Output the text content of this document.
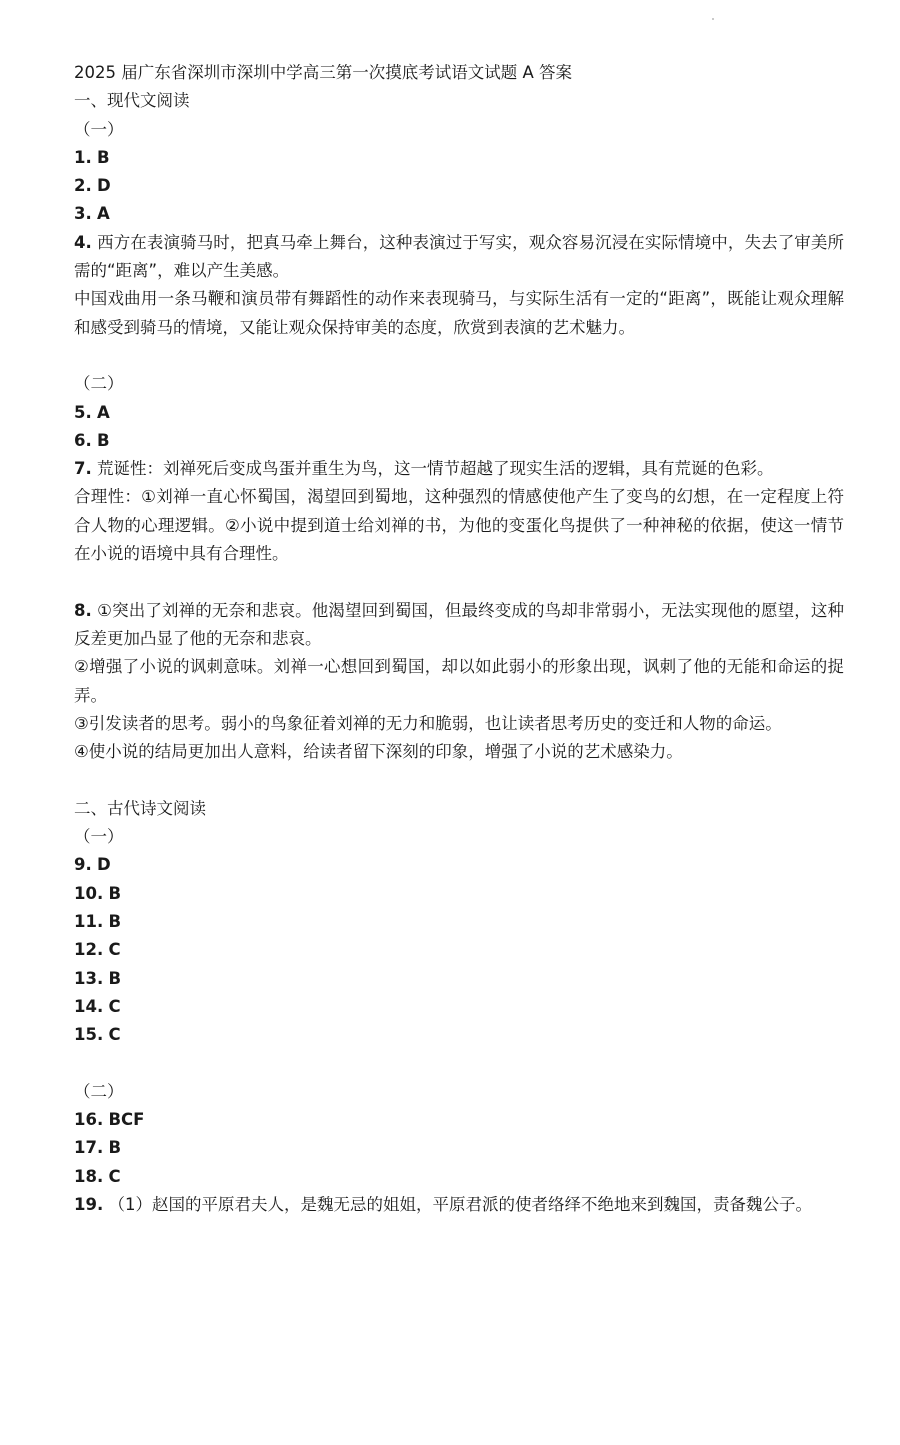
2025 届广东省深圳市深圳中学高三第一次摸底考试语文试题 A 答案
一、现代文阅读
（一）
1. B
2. D
3. A
4. 西方在表演骑马时，把真马牵上舞台，这种表演过于写实，观众容易沉浸在实际情境中，失去了审美所需的“距离”，难以产生美感。
中国戏曲用一条马鞭和演员带有舞蹈性的动作来表现骑马，与实际生活有一定的“距离”，既能让观众理解和感受到骑马的情境，又能让观众保持审美的态度，欣赏到表演的艺术魅力。
（二）
5. A
6. B
7. 荒诞性：刘禅死后变成鸟蛋并重生为鸟，这一情节超越了现实生活的逻辑，具有荒诞的色彩。
合理性：①刘禅一直心怀蜀国，渴望回到蜀地，这种强烈的情感使他产生了变鸟的幻想，在一定程度上符合人物的心理逻辑。②小说中提到道士给刘禅的书，为他的变蛋化鸟提供了一种神秘的依据，使这一情节在小说的语境中具有合理性。
8. ①突出了刘禅的无奈和悲哀。他渴望回到蜀国，但最终变成的鸟却非常弱小，无法实现他的愿望，这种反差更加凸显了他的无奈和悲哀。
②增强了小说的讽刺意味。刘禅一心想回到蜀国，却以如此弱小的形象出现，讽刺了他的无能和命运的捉弄。
③引发读者的思考。弱小的鸟象征着刘禅的无力和脆弱，也让读者思考历史的变迁和人物的命运。
④使小说的结局更加出人意料，给读者留下深刻的印象，增强了小说的艺术感染力。
二、古代诗文阅读
（一）
9. D
10. B
11. B
12. C
13. B
14. C
15. C
（二）
16. BCF
17. B
18. C
19. （1）赵国的平原君夫人，是魏无忌的姐姐，平原君派的使者络绎不绝地来到魏国，责备魏公子。
